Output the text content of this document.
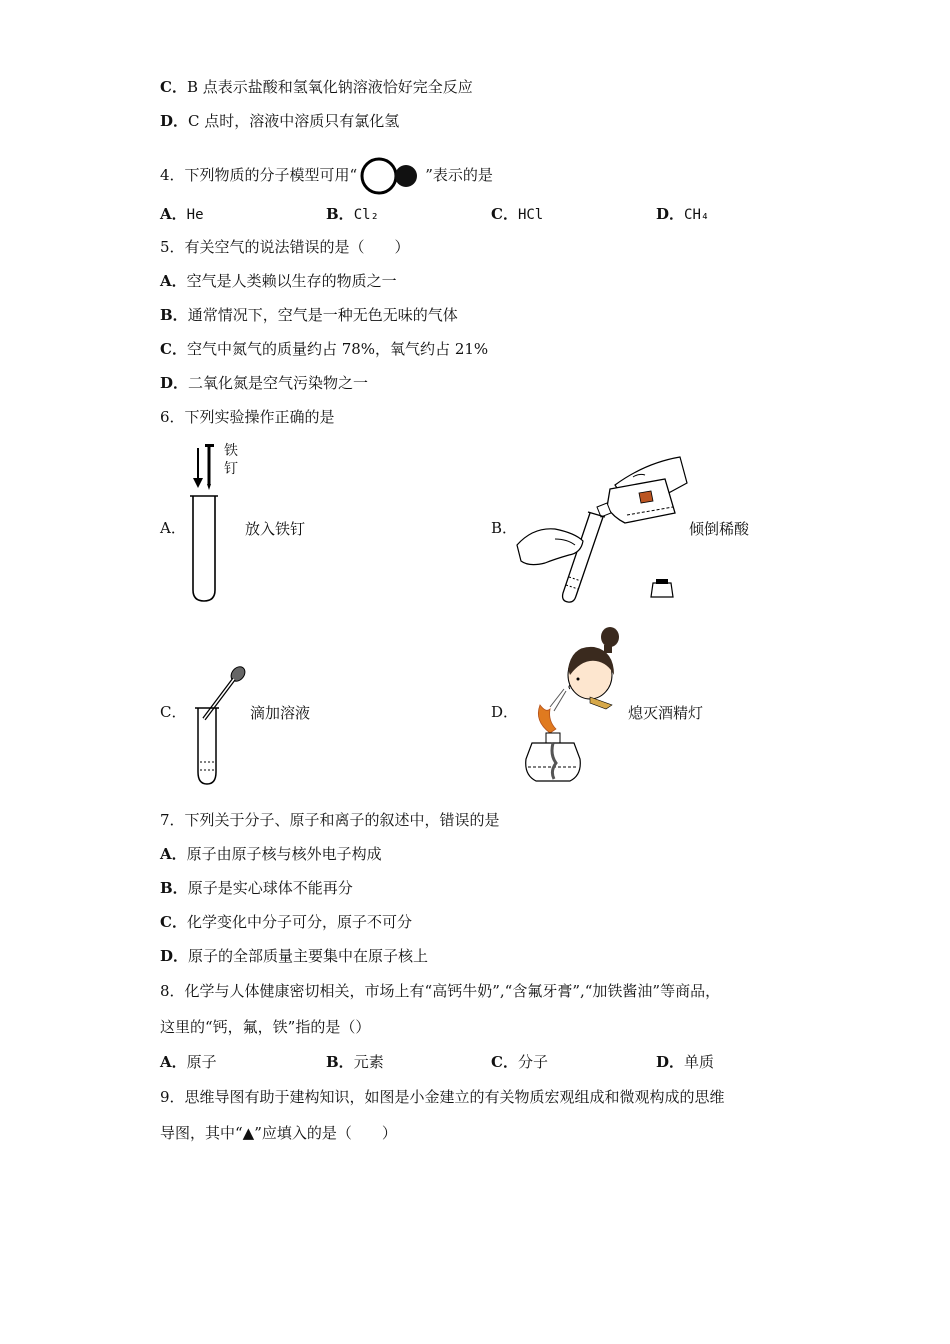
C．B 点表示盐酸和氢氧化钠溶液恰好完全反应
D．C 点时，溶液中溶质只有氯化氢
4．下列物质的分子模型可用“	”表示的是
A．He	B．Cl₂	C．HCl	D．CH₄
5．有关空气的说法错误的是（　　）
A．空气是人类赖以生存的物质之一
B．通常情况下，空气是一种无色无味的气体
C．空气中氮气的质量约占 78%，氧气约占 21%
D．二氧化氮是空气污染物之一
6．下列实验操作正确的是
A．
铁钉
放入铁钉	B．	倾倒稀酸
C．	滴加溶液	D．	熄灭酒精灯
7．下列关于分子、原子和离子的叙述中，错误的是
A．原子由原子核与核外电子构成
B．原子是实心球体不能再分
C．化学变化中分子可分，原子不可分
D．原子的全部质量主要集中在原子核上
8．化学与人体健康密切相关，市场上有“高钙牛奶”,“含氟牙膏”,“加铁酱油”等商品，
这里的“钙，氟，铁”指的是（）
A．原子	B．元素	C．分子	D．单质
9．思维导图有助于建构知识，如图是小金建立的有关物质宏观组成和微观构成的思维
导图，其中“▲”应填入的是（　　）
